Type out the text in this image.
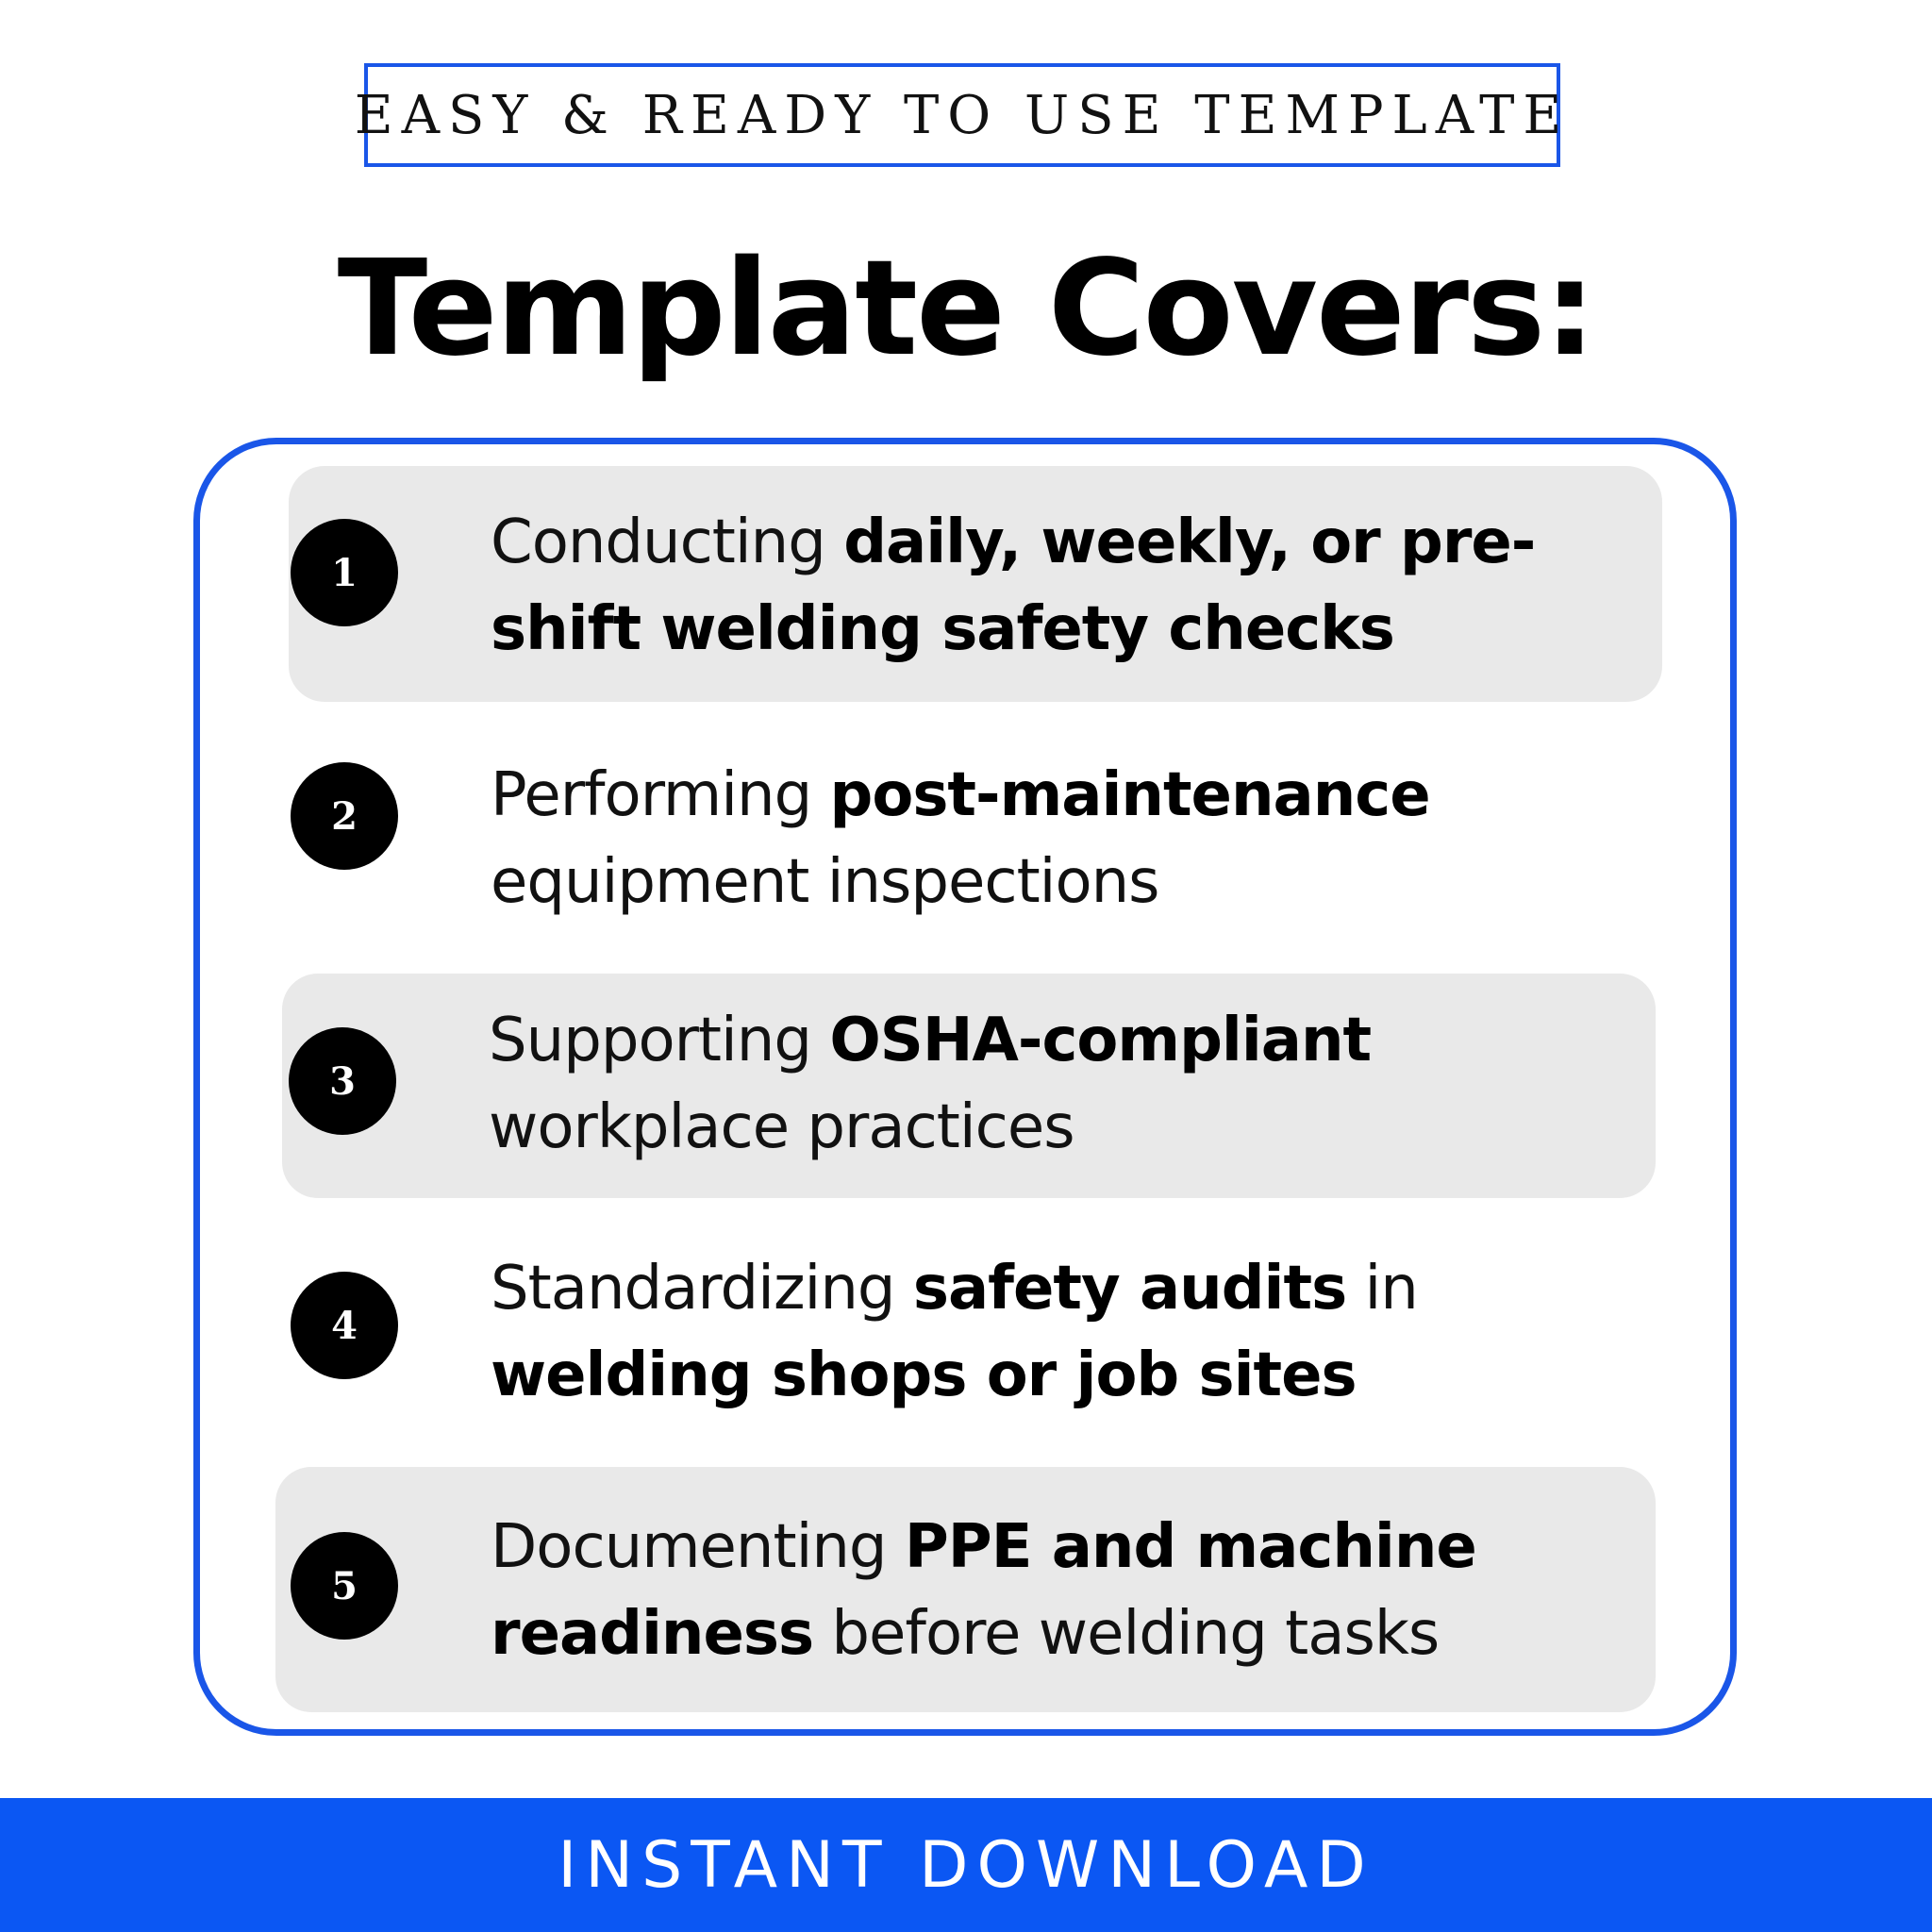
EASY & READY TO USE TEMPLATE
Template Covers:
1	Conducting daily, weekly, or pre-
shift welding safety checks
2	Performing post-maintenance
equipment inspections
3
Supporting OSHA-compliant
workplace practices
4
Standardizing safety audits in
welding shops or job sites
5
Documenting PPE and machine
readiness before welding tasks
INSTANT DOWNLOAD
